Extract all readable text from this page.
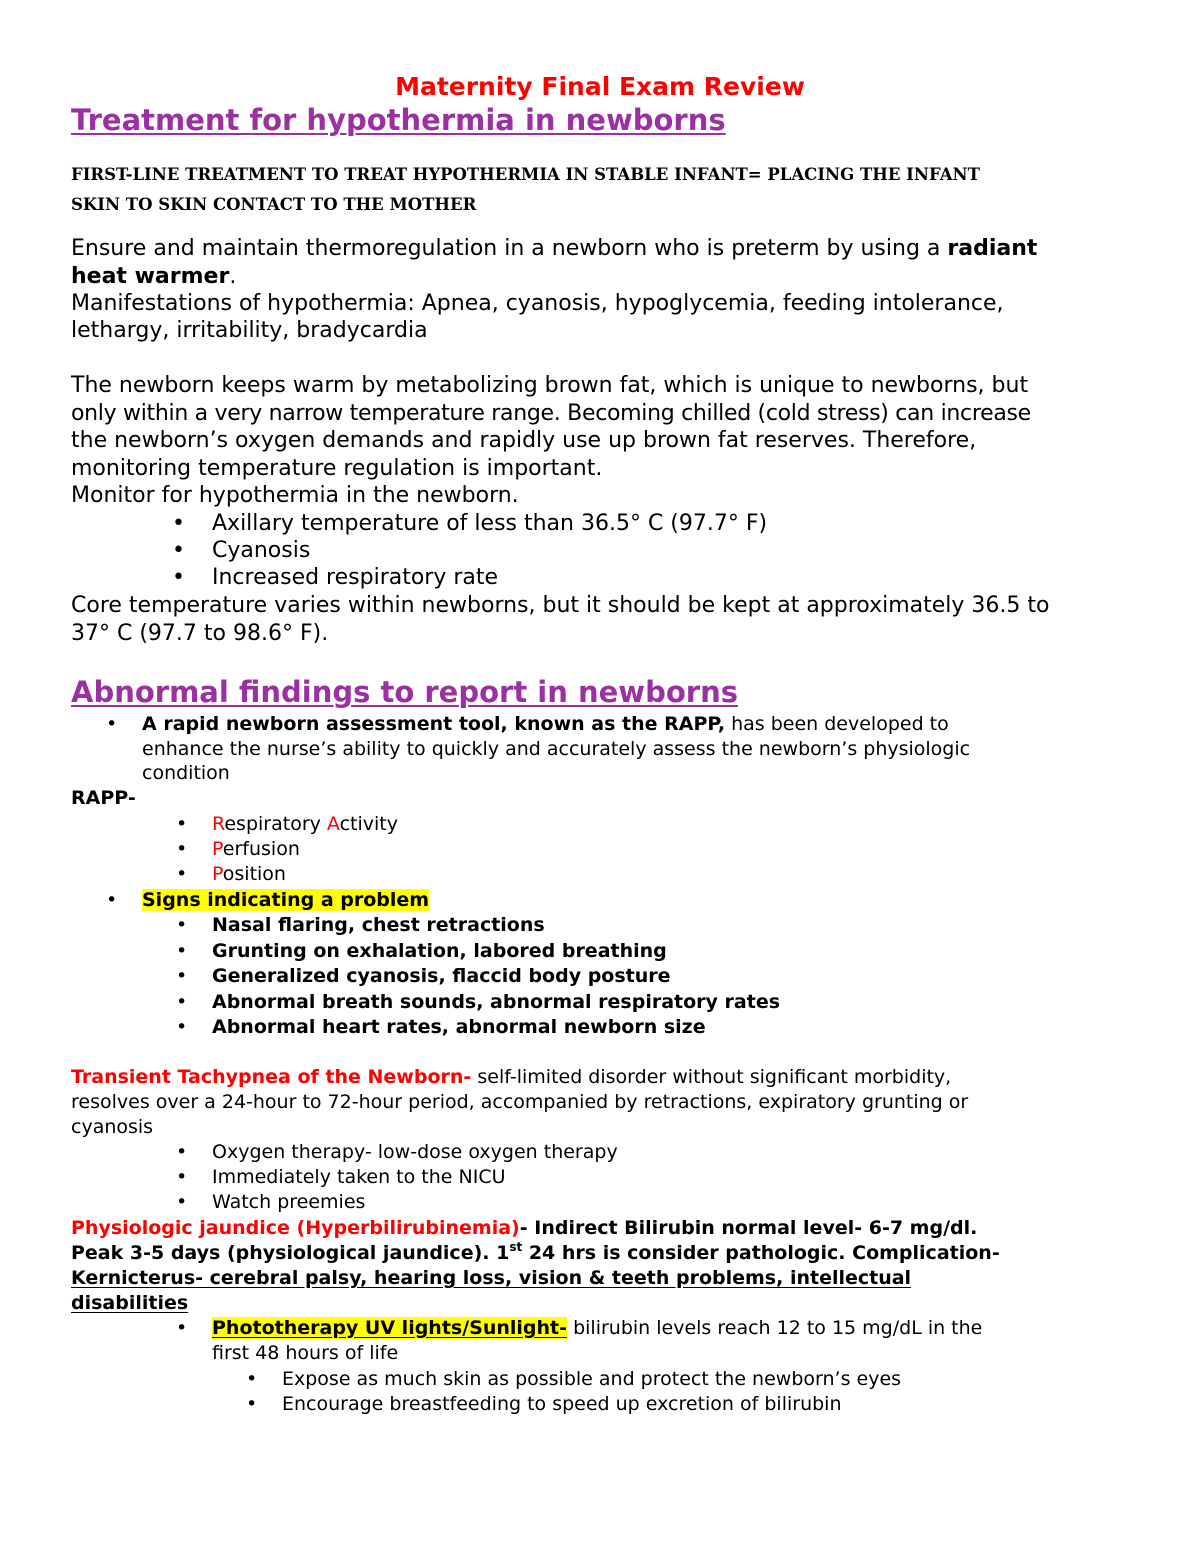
Maternity Final Exam Review

Treatment for hypothermia in newborns

FIRST-LINE TREATMENT TO TREAT HYPOTHERMIA IN STABLE INFANT= PLACING THE INFANT

SKIN TO SKIN CONTACT TO THE MOTHER

Ensure and maintain thermoregulation in a newborn who is preterm by using a radiant

heat warmer.

Manifestations of hypothermia: Apnea, cyanosis, hypoglycemia, feeding intolerance,

lethargy, irritability, bradycardia

The newborn keeps warm by metabolizing brown fat, which is unique to newborns, but

only within a very narrow temperature range. Becoming chilled (cold stress) can increase

the newborn’s oxygen demands and rapidly use up brown fat reserves. Therefore,

monitoring temperature regulation is important.

Monitor for hypothermia in the newborn.

• Axillary temperature of less than 36.5° C (97.7° F)

• Cyanosis

• Increased respiratory rate

Core temperature varies within newborns, but it should be kept at approximately 36.5 to

37° C (97.7 to 98.6° F).

Abnormal findings to report in newborns

• A rapid newborn assessment tool, known as the RAPP, has been developed to

enhance the nurse’s ability to quickly and accurately assess the newborn’s physiologic

condition

RAPP-

• Respiratory Activity

• Perfusion

• Position

• Signs indicating a problem

• Nasal flaring, chest retractions

• Grunting on exhalation, labored breathing

• Generalized cyanosis, flaccid body posture

• Abnormal breath sounds, abnormal respiratory rates

• Abnormal heart rates, abnormal newborn size

Transient Tachypnea of the Newborn- self-limited disorder without significant morbidity,

resolves over a 24-hour to 72-hour period, accompanied by retractions, expiratory grunting or

cyanosis

• Oxygen therapy- low-dose oxygen therapy

• Immediately taken to the NICU

• Watch preemies

Physiologic jaundice (Hyperbilirubinemia)- Indirect Bilirubin normal level- 6-7 mg/dl.

Peak 3-5 days (physiological jaundice). 1st 24 hrs is consider pathologic. Complication-

Kernicterus- cerebral palsy, hearing loss, vision & teeth problems, intellectual

disabilities

• Phototherapy UV lights/Sunlight- bilirubin levels reach 12 to 15 mg/dL in the

first 48 hours of life

• Expose as much skin as possible and protect the newborn’s eyes

• Encourage breastfeeding to speed up excretion of bilirubin
